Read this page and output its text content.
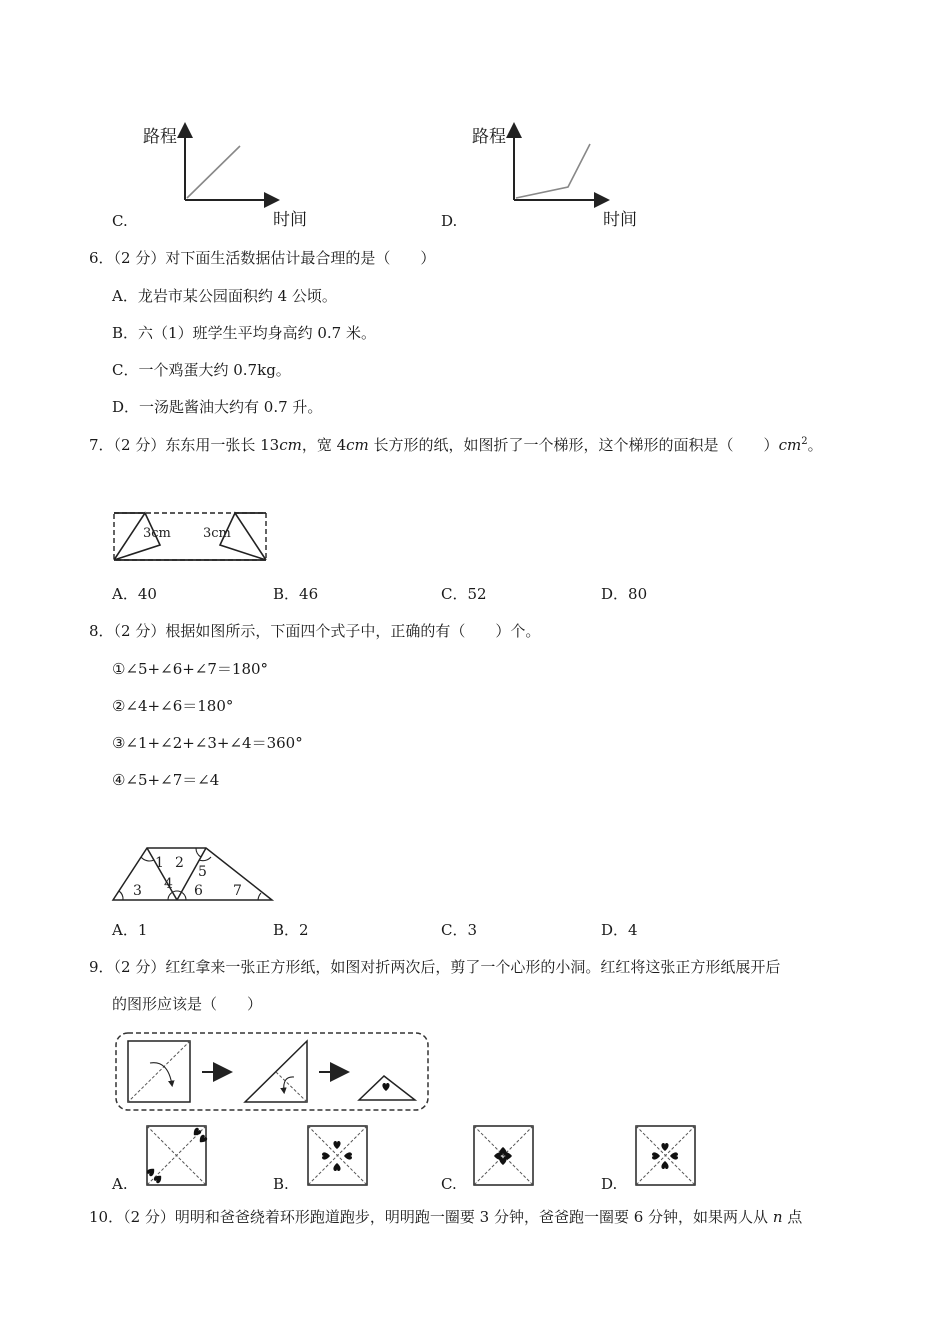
C.
路程
时间	D.
路程
时间
6．（2 分）对下面生活数据估计最合理的是（　　）
A．龙岩市某公园面积约 4 公顷。
B．六（1）班学生平均身高约 0.7 米。
C．一个鸡蛋大约 0.7kg。
D．一汤匙酱油大约有 0.7 升。
7．（2 分）东东用一张长 13cm，宽 4cm 长方形的纸，如图折了一个梯形，这个梯形的面积是（　　）$cm^2$。
3cm 3cm
A．40	B．46	C．52	D．80
8．（2 分）根据如图所示，下面四个式子中，正确的有（　　）个。
①∠5+∠6+∠7＝180°
②∠4+∠6＝180°
③∠1+∠2+∠3+∠4＝360°
④∠5+∠7＝∠4
1 2
3 4
5
6 7
A．1	B．2	C．3	D．4
9．（2 分）红红拿来一张正方形纸，如图对折两次后，剪了一个心形的小洞。红红将这张正方形纸展开后
的图形应该是（　　）
A.	B.	C.	D.
10．（2 分）明明和爸爸绕着环形跑道跑步，明明跑一圈要 3 分钟，爸爸跑一圈要 6 分钟，如果两人从 n 点
